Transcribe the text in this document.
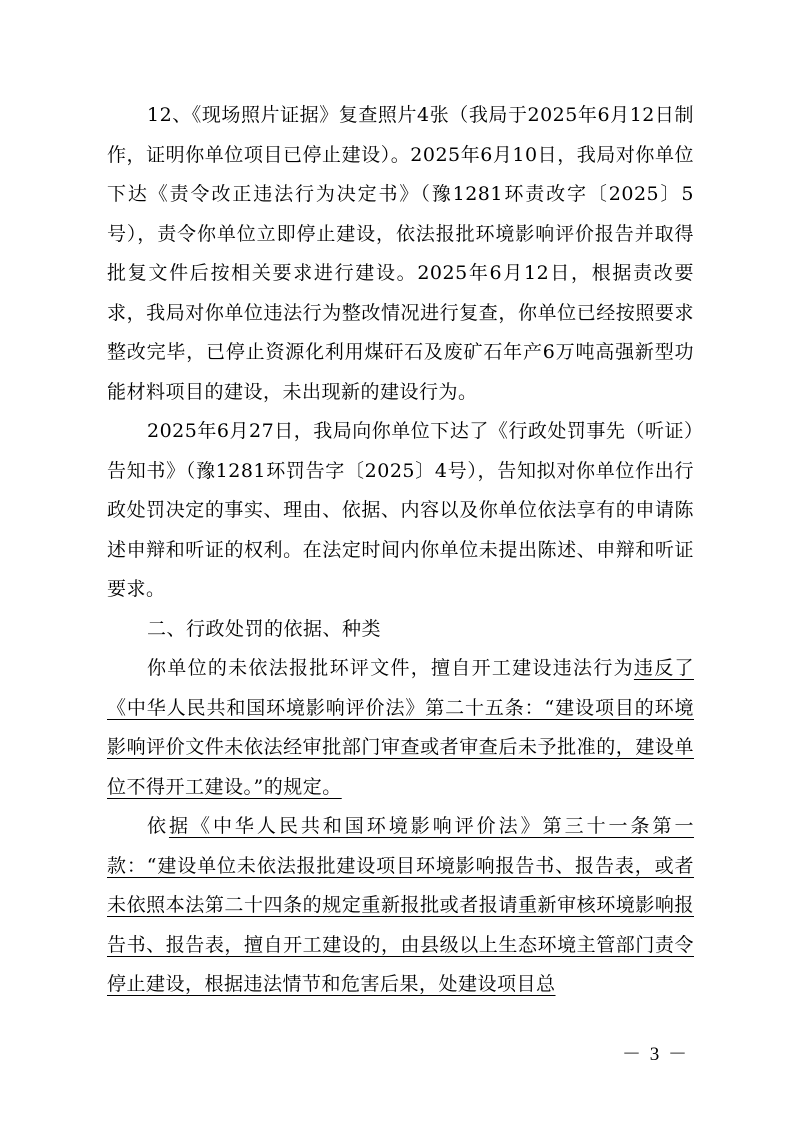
12、《现场照片证据》复查照片4张（我局于2025年6月12日制作，证明你单位项目已停止建设）。2025年6月10日，我局对你单位下达《责令改正违法行为决定书》（豫1281环责改字〔2025〕5号），责令你单位立即停止建设，依法报批环境影响评价报告并取得批复文件后按相关要求进行建设。2025年6月12日，根据责改要求，我局对你单位违法行为整改情况进行复查，你单位已经按照要求整改完毕，已停止资源化利用煤矸石及废矿石年产6万吨高强新型功能材料项目的建设，未出现新的建设行为。

2025年6月27日，我局向你单位下达了《行政处罚事先（听证）告知书》（豫1281环罚告字〔2025〕4号），告知拟对你单位作出行政处罚决定的事实、理由、依据、内容以及你单位依法享有的申请陈述申辩和听证的权利。在法定时间内你单位未提出陈述、申辩和听证要求。

二、行政处罚的依据、种类

你单位的未依法报批环评文件，擅自开工建设违法行为违反了《中华人民共和国环境影响评价法》第二十五条：“建设项目的环境影响评价文件未依法经审批部门审查或者审查后未予批准的，建设单位不得开工建设。”的规定。

依据《中华人民共和国环境影响评价法》第三十一条第一款：“建设单位未依法报批建设项目环境影响报告书、报告表，或者未依照本法第二十四条的规定重新报批或者报请重新审核环境影响报告书、报告表，擅自开工建设的，由县级以上生态环境主管部门责令停止建设，根据违法情节和危害后果，处建设项目总

－ 3 －
